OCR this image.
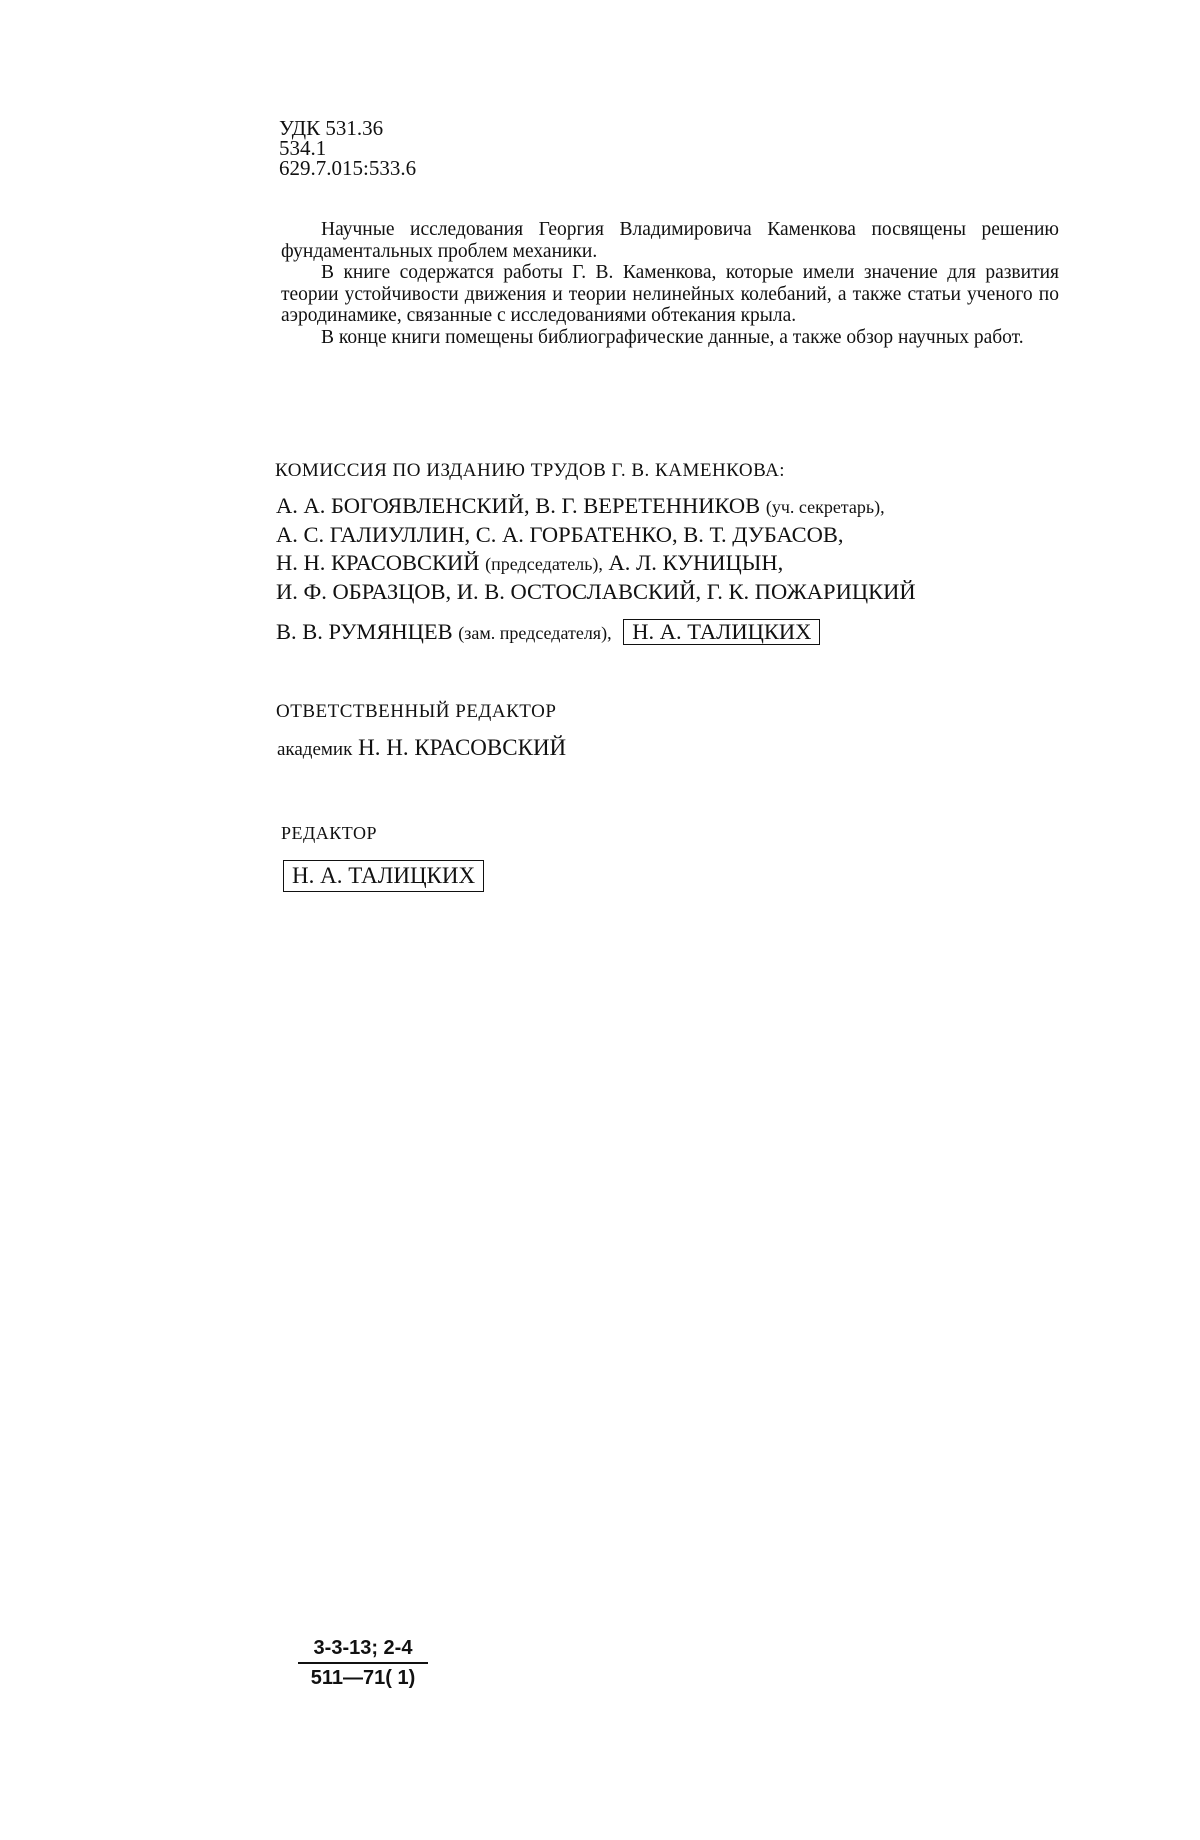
УДК 531.36
534.1
629.7.015:533.6

Научные исследования Георгия Владимировича Каменкова посвящены решению фундаментальных проблем механики.

В книге содержатся работы Г. В. Каменкова, которые имели значение для развития теории устойчивости движения и теории нелинейных колебаний, а также статьи ученого по аэродинамике, связанные с исследованиями обтекания крыла.

В конце книги помещены библиографические данные, а также обзор научных работ.

КОМИССИЯ ПО ИЗДАНИЮ ТРУДОВ Г. В. КАМЕНКОВА:
А. А. БОГОЯВЛЕНСКИЙ, В. Г. ВЕРЕТЕННИКОВ (уч. секретарь),
А. С. ГАЛИУЛЛИН, С. А. ГОРБАТЕНКО, В. Т. ДУБАСОВ,
Н. Н. КРАСОВСКИЙ (председатель), А. Л. КУНИЦЫН,
И. Ф. ОБРАЗЦОВ, И. В. ОСТОСЛАВСКИЙ, Г. К. ПОЖАРИЦКИЙ
В. В. РУМЯНЦЕВ (зам. председателя), Н. А. ТАЛИЦКИХ
ОТВЕТСТВЕННЫЙ РЕДАКТОР
академик Н. Н. КРАСОВСКИЙ
РЕДАКТОР
Н. А. ТАЛИЦКИХ
$\frac{3-3-13; 2-4}{511—71( 1)}$
